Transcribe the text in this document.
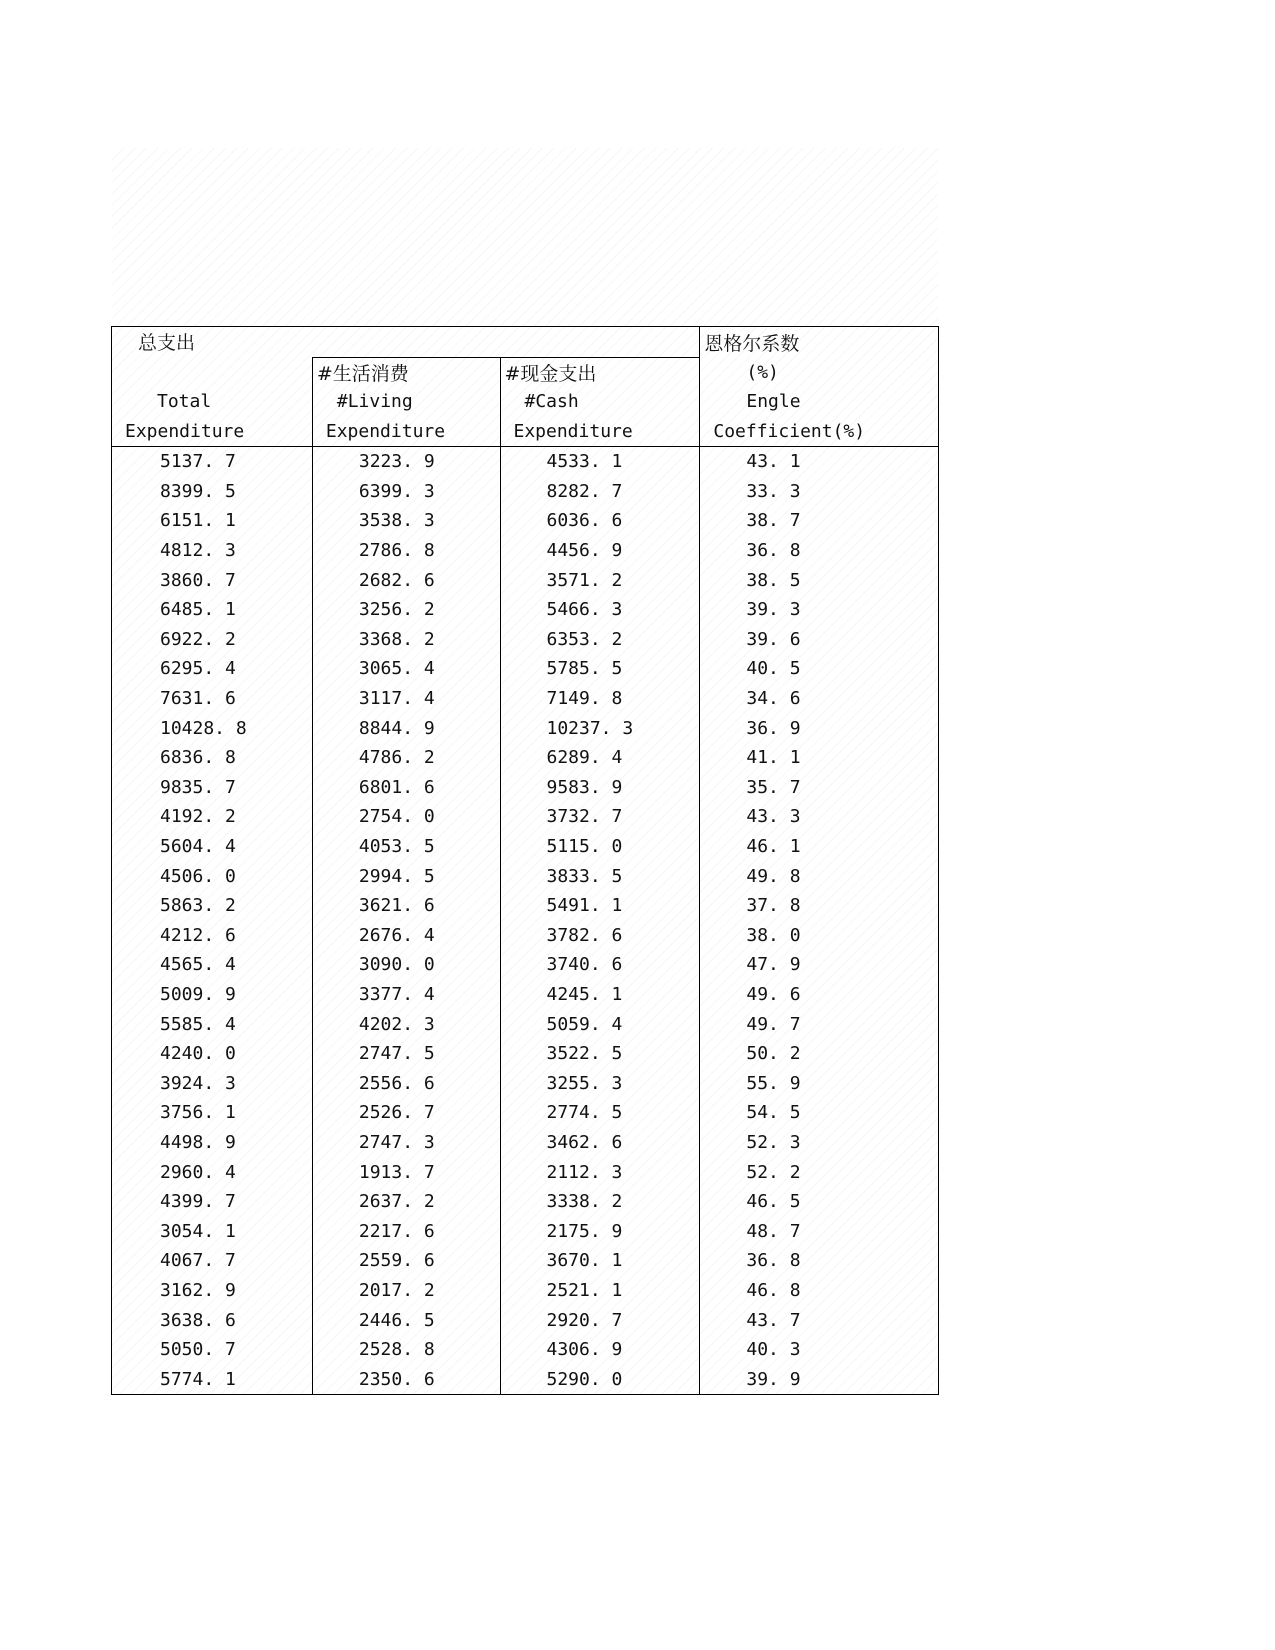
总支出			恩格尔系数
	#生活消费	#现金支出	(%)
Total	#Living	#Cash	Engle
Expenditure	Expenditure	Expenditure	Coefficient(%)
5137. 7	3223. 9	4533. 1	43. 1
8399. 5	6399. 3	8282. 7	33. 3
6151. 1	3538. 3	6036. 6	38. 7
4812. 3	2786. 8	4456. 9	36. 8
3860. 7	2682. 6	3571. 2	38. 5
6485. 1	3256. 2	5466. 3	39. 3
6922. 2	3368. 2	6353. 2	39. 6
6295. 4	3065. 4	5785. 5	40. 5
7631. 6	3117. 4	7149. 8	34. 6
10428. 8	8844. 9	10237. 3	36. 9
6836. 8	4786. 2	6289. 4	41. 1
9835. 7	6801. 6	9583. 9	35. 7
4192. 2	2754. 0	3732. 7	43. 3
5604. 4	4053. 5	5115. 0	46. 1
4506. 0	2994. 5	3833. 5	49. 8
5863. 2	3621. 6	5491. 1	37. 8
4212. 6	2676. 4	3782. 6	38. 0
4565. 4	3090. 0	3740. 6	47. 9
5009. 9	3377. 4	4245. 1	49. 6
5585. 4	4202. 3	5059. 4	49. 7
4240. 0	2747. 5	3522. 5	50. 2
3924. 3	2556. 6	3255. 3	55. 9
3756. 1	2526. 7	2774. 5	54. 5
4498. 9	2747. 3	3462. 6	52. 3
2960. 4	1913. 7	2112. 3	52. 2
4399. 7	2637. 2	3338. 2	46. 5
3054. 1	2217. 6	2175. 9	48. 7
4067. 7	2559. 6	3670. 1	36. 8
3162. 9	2017. 2	2521. 1	46. 8
3638. 6	2446. 5	2920. 7	43. 7
5050. 7	2528. 8	4306. 9	40. 3
5774. 1	2350. 6	5290. 0	39. 9
